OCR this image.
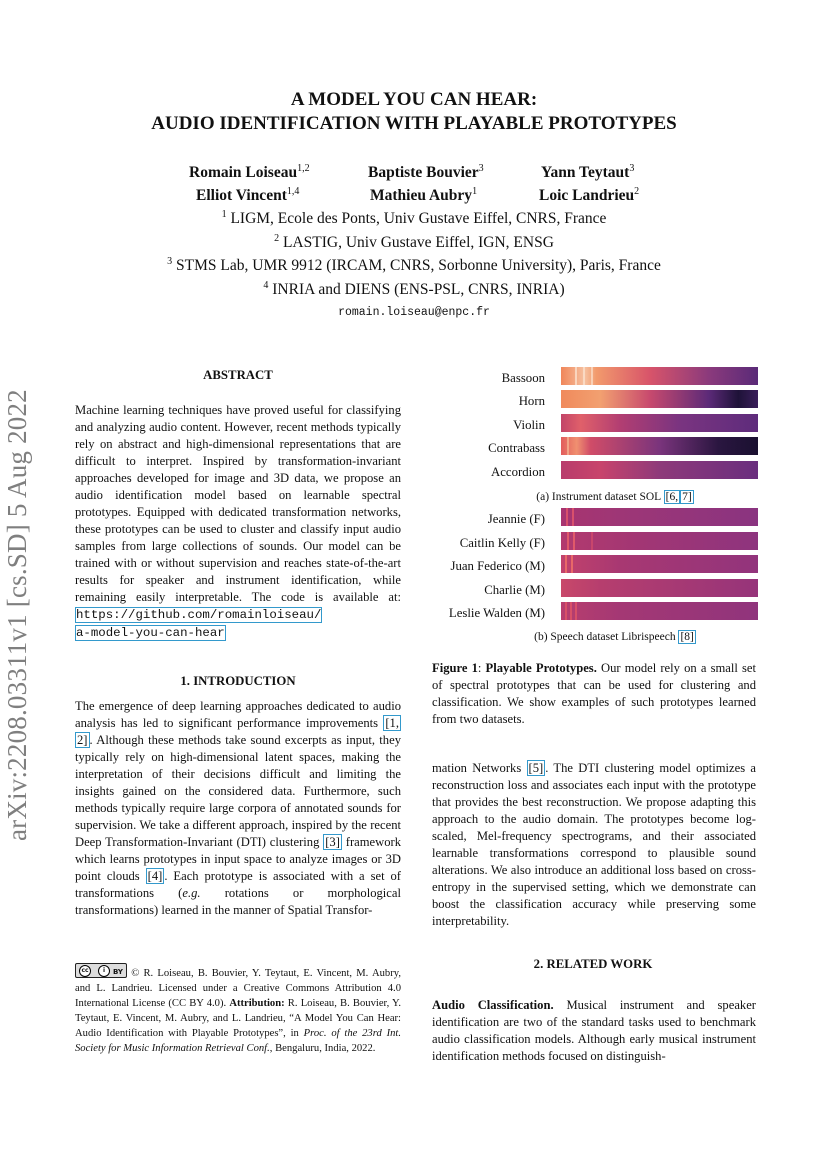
arXiv:2208.03311v1 [cs.SD] 5 Aug 2022
A MODEL YOU CAN HEAR:
AUDIO IDENTIFICATION WITH PLAYABLE PROTOTYPES
Romain Loiseau$^{1,2}$	Baptiste Bouvier$^3$	Yann Teytaut$^3$
Elliot Vincent$^{1,4}$	Mathieu Aubry$^1$	Loic Landrieu$^2$
$^1$ LIGM, Ecole des Ponts, Univ Gustave Eiffel, CNRS, France
$^2$ LASTIG, Univ Gustave Eiffel, IGN, ENSG
$^3$ STMS Lab, UMR 9912 (IRCAM, CNRS, Sorbonne University), Paris, France
$^4$ INRIA and DIENS (ENS-PSL, CNRS, INRIA)
romain.loiseau@enpc.fr
ABSTRACT
Machine learning techniques have proved useful for classifying and analyzing audio content. However, recent methods typically rely on abstract and high-dimensional representations that are difficult to interpret. Inspired by transformation-invariant approaches developed for image and 3D data, we propose an audio identification model based on learnable spectral prototypes. Equipped with dedicated transformation networks, these prototypes can be used to cluster and classify input audio samples from large collections of sounds. Our model can be trained with or without supervision and reaches state-of-the-art results for speaker and instrument identification, while remaining easily interpretable. The code is available at: https://github.com/romainloiseau/
a-model-you-can-hear
1. INTRODUCTION
The emergence of deep learning approaches dedicated to audio analysis has led to significant performance improvements [1, 2] . Although these methods take sound excerpts as input, they typically rely on high-dimensional latent spaces, making the interpretation of their decisions difficult and limiting the insights gained on the considered data. Furthermore, such methods typically require large corpora of annotated sounds for supervision. We take a different approach, inspired by the recent Deep Transformation-Invariant (DTI) clustering [3] framework which learns prototypes in input space to analyze images or 3D point clouds [4] . Each prototype is associated with a set of transformations (e.g. rotations or morphological transformations) learned in the manner of Spatial Transfor-
cc	i	BY © R. Loiseau, B. Bouvier, Y. Teytaut, E. Vincent, M. Aubry, and L. Landrieu. Licensed under a Creative Commons Attribution 4.0 International License (CC BY 4.0). Attribution: R. Loiseau, B. Bouvier, Y. Teytaut, E. Vincent, M. Aubry, and L. Landrieu, “A Model You Can Hear: Audio Identification with Playable Prototypes”, in Proc. of the 23rd Int. Society for Music Information Retrieval Conf., Bengaluru, India, 2022.
Bassoon
Horn
Violin
Contrabass
Accordion
(a) Instrument dataset SOL [6, 7]
Jeannie (F)
Caitlin Kelly (F)
Juan Federico (M)
Charlie (M)
Leslie Walden (M)
(b) Speech dataset Librispeech [8]
Figure 1: Playable Prototypes. Our model rely on a small set of spectral prototypes that can be used for clustering and classification. We show examples of such prototypes learned from two datasets.
mation Networks [5] . The DTI clustering model optimizes a reconstruction loss and associates each input with the prototype that provides the best reconstruction. We propose adapting this approach to the audio domain. The prototypes become log-scaled, Mel-frequency spectrograms, and their associated learnable transformations correspond to plausible sound alterations. We also introduce an additional loss based on cross-entropy in the supervised setting, which we demonstrate can boost the classification accuracy while preserving some interpretability.
2. RELATED WORK
Audio Classification. Musical instrument and speaker identification are two of the standard tasks used to benchmark audio classification models. Although early musical instrument identification methods focused on distinguish-
